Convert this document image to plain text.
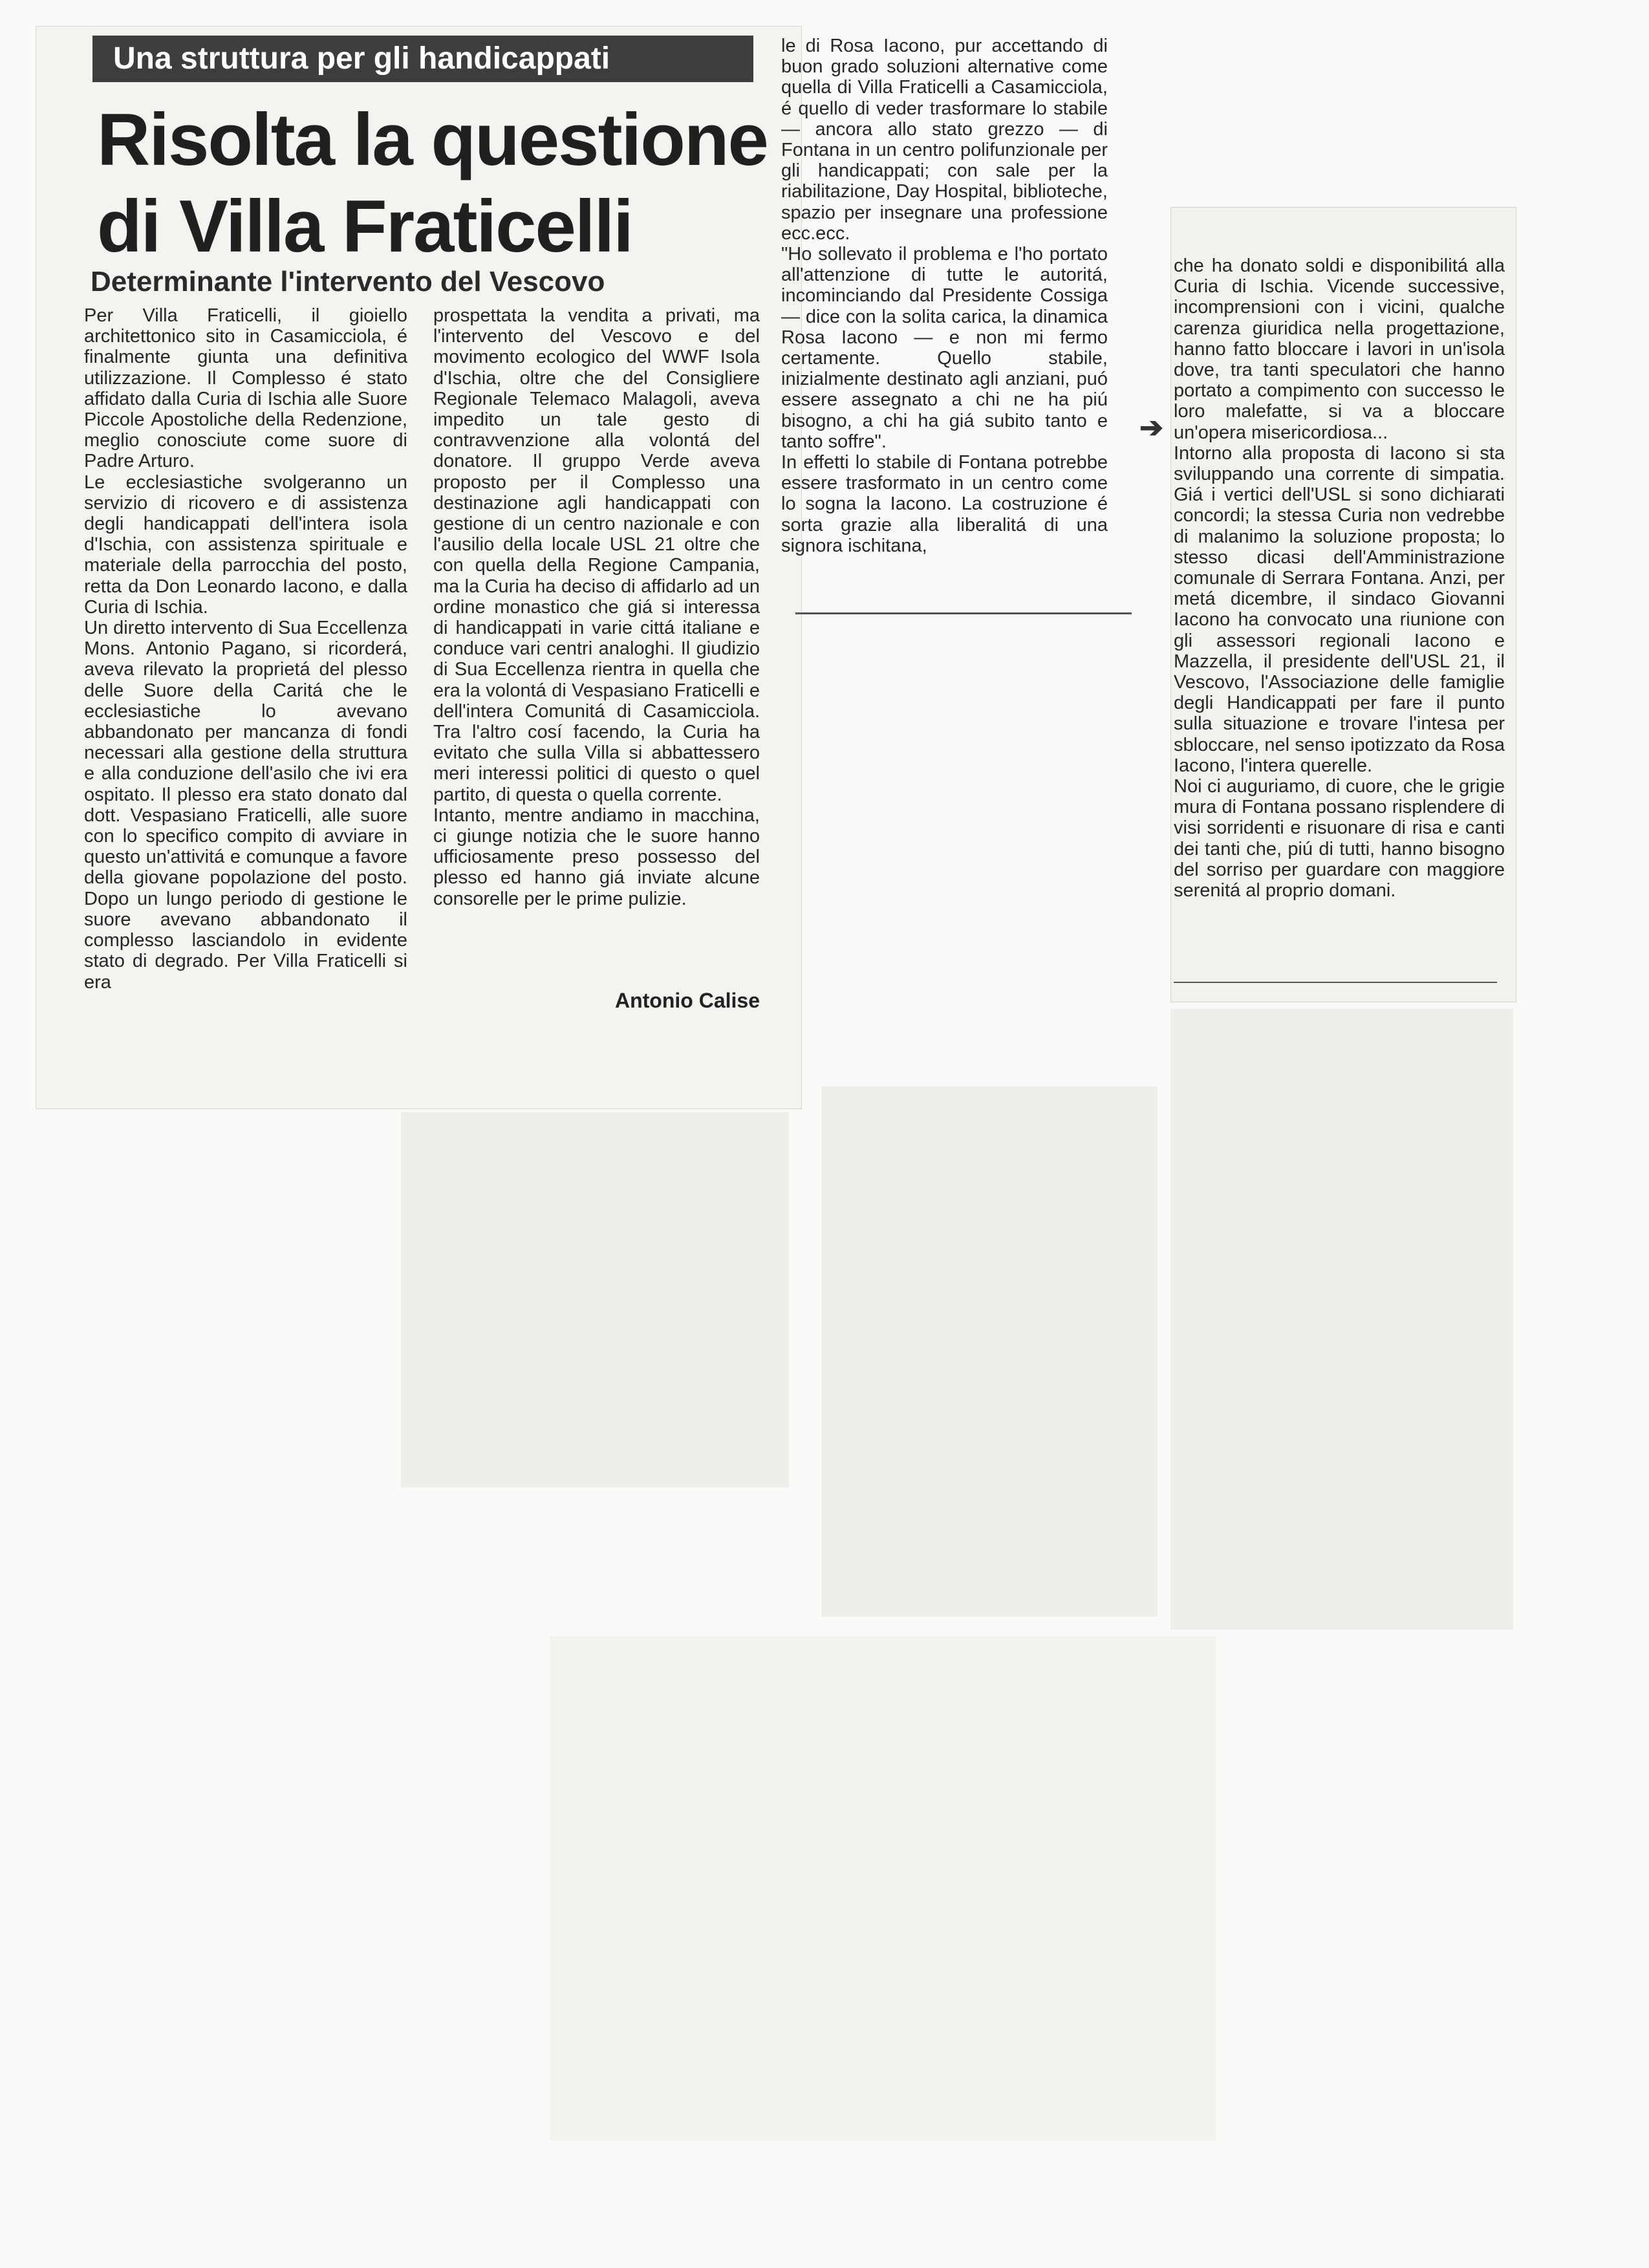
Una struttura per gli handicappati
Risolta la questione di Villa Fraticelli
Determinante l'intervento del Vescovo

Per Villa Fraticelli, il gioiello architettonico sito in Casamicciola, é finalmente giunta una definitiva utilizzazione. Il Complesso é stato affidato dalla Curia di Ischia alle Suore Piccole Apostoliche della Redenzione, meglio conosciute come suore di Padre Arturo.

Le ecclesiastiche svolgeranno un servizio di ricovero e di assistenza degli handicappati dell'intera isola d'Ischia, con assistenza spirituale e materiale della parrocchia del posto, retta da Don Leonardo Iacono, e dalla Curia di Ischia.

Un diretto intervento di Sua Eccellenza Mons. Antonio Pagano, si ricorderá, aveva rilevato la proprietá del plesso delle Suore della Caritá che le ecclesiastiche lo avevano abbandonato per mancanza di fondi necessari alla gestione della struttura e alla conduzione dell'asilo che ivi era ospitato. Il plesso era stato donato dal dott. Vespasiano Fraticelli, alle suore con lo specifico compito di avviare in questo un'attivitá e comunque a favore della giovane popolazione del posto. Dopo un lungo periodo di gestione le suore avevano abbandonato il complesso lasciandolo in evidente stato di degrado. Per Villa Fraticelli si era

prospettata la vendita a privati, ma l'intervento del Vescovo e del movimento ecologico del WWF Isola d'Ischia, oltre che del Consigliere Regionale Telemaco Malagoli, aveva impedito un tale gesto di contravvenzione alla volontá del donatore. Il gruppo Verde aveva proposto per il Complesso una destinazione agli handicappati con gestione di un centro nazionale e con l'ausilio della locale USL 21 oltre che con quella della Regione Campania, ma la Curia ha deciso di affidarlo ad un ordine monastico che giá si interessa di handicappati in varie cittá italiane e conduce vari centri analoghi. Il giudizio di Sua Eccellenza rientra in quella che era la volontá di Vespasiano Fraticelli e dell'intera Comunitá di Casamicciola. Tra l'altro cosí facendo, la Curia ha evitato che sulla Villa si abbattessero meri interessi politici di questo o quel partito, di questa o quella corrente.

Intanto, mentre andiamo in macchina, ci giunge notizia che le suore hanno ufficiosamente preso possesso del plesso ed hanno giá inviate alcune consorelle per le prime pulizie.

Antonio Calise

le di Rosa Iacono, pur accettando di buon grado soluzioni alternative come quella di Villa Fraticelli a Casamicciola, é quello di veder trasformare lo stabile — ancora allo stato grezzo — di Fontana in un centro polifunzionale per gli handicappati; con sale per la riabilitazione, Day Hospital, biblioteche, spazio per insegnare una professione ecc.ecc.

"Ho sollevato il problema e l'ho portato all'attenzione di tutte le autoritá, incominciando dal Presidente Cossiga — dice con la solita carica, la dinamica Rosa Iacono — e non mi fermo certamente. Quello stabile, inizialmente destinato agli anziani, puó essere assegnato a chi ne ha piú bisogno, a chi ha giá subito tanto e tanto soffre".

In effetti lo stabile di Fontana potrebbe essere trasformato in un centro come lo sogna la Iacono. La costruzione é sorta grazie alla liberalitá di una signora ischitana,

➔

che ha donato soldi e disponibilitá alla Curia di Ischia. Vicende successive, incomprensioni con i vicini, qualche carenza giuridica nella progettazione, hanno fatto bloccare i lavori in un'isola dove, tra tanti speculatori che hanno portato a compimento con successo le loro malefatte, si va a bloccare un'opera misericordiosa...

Intorno alla proposta di Iacono si sta sviluppando una corrente di simpatia. Giá i vertici dell'USL si sono dichiarati concordi; la stessa Curia non vedrebbe di malanimo la soluzione proposta; lo stesso dicasi dell'Amministrazione comunale di Serrara Fontana. Anzi, per metá dicembre, il sindaco Giovanni Iacono ha convocato una riunione con gli assessori regionali Iacono e Mazzella, il presidente dell'USL 21, il Vescovo, l'Associazione delle famiglie degli Handicappati per fare il punto sulla situazione e trovare l'intesa per sbloccare, nel senso ipotizzato da Rosa Iacono, l'intera querelle.

Noi ci auguriamo, di cuore, che le grigie mura di Fontana possano risplendere di visi sorridenti e risuonare di risa e canti dei tanti che, piú di tutti, hanno bisogno del sorriso per guardare con maggiore serenitá al proprio domani.
